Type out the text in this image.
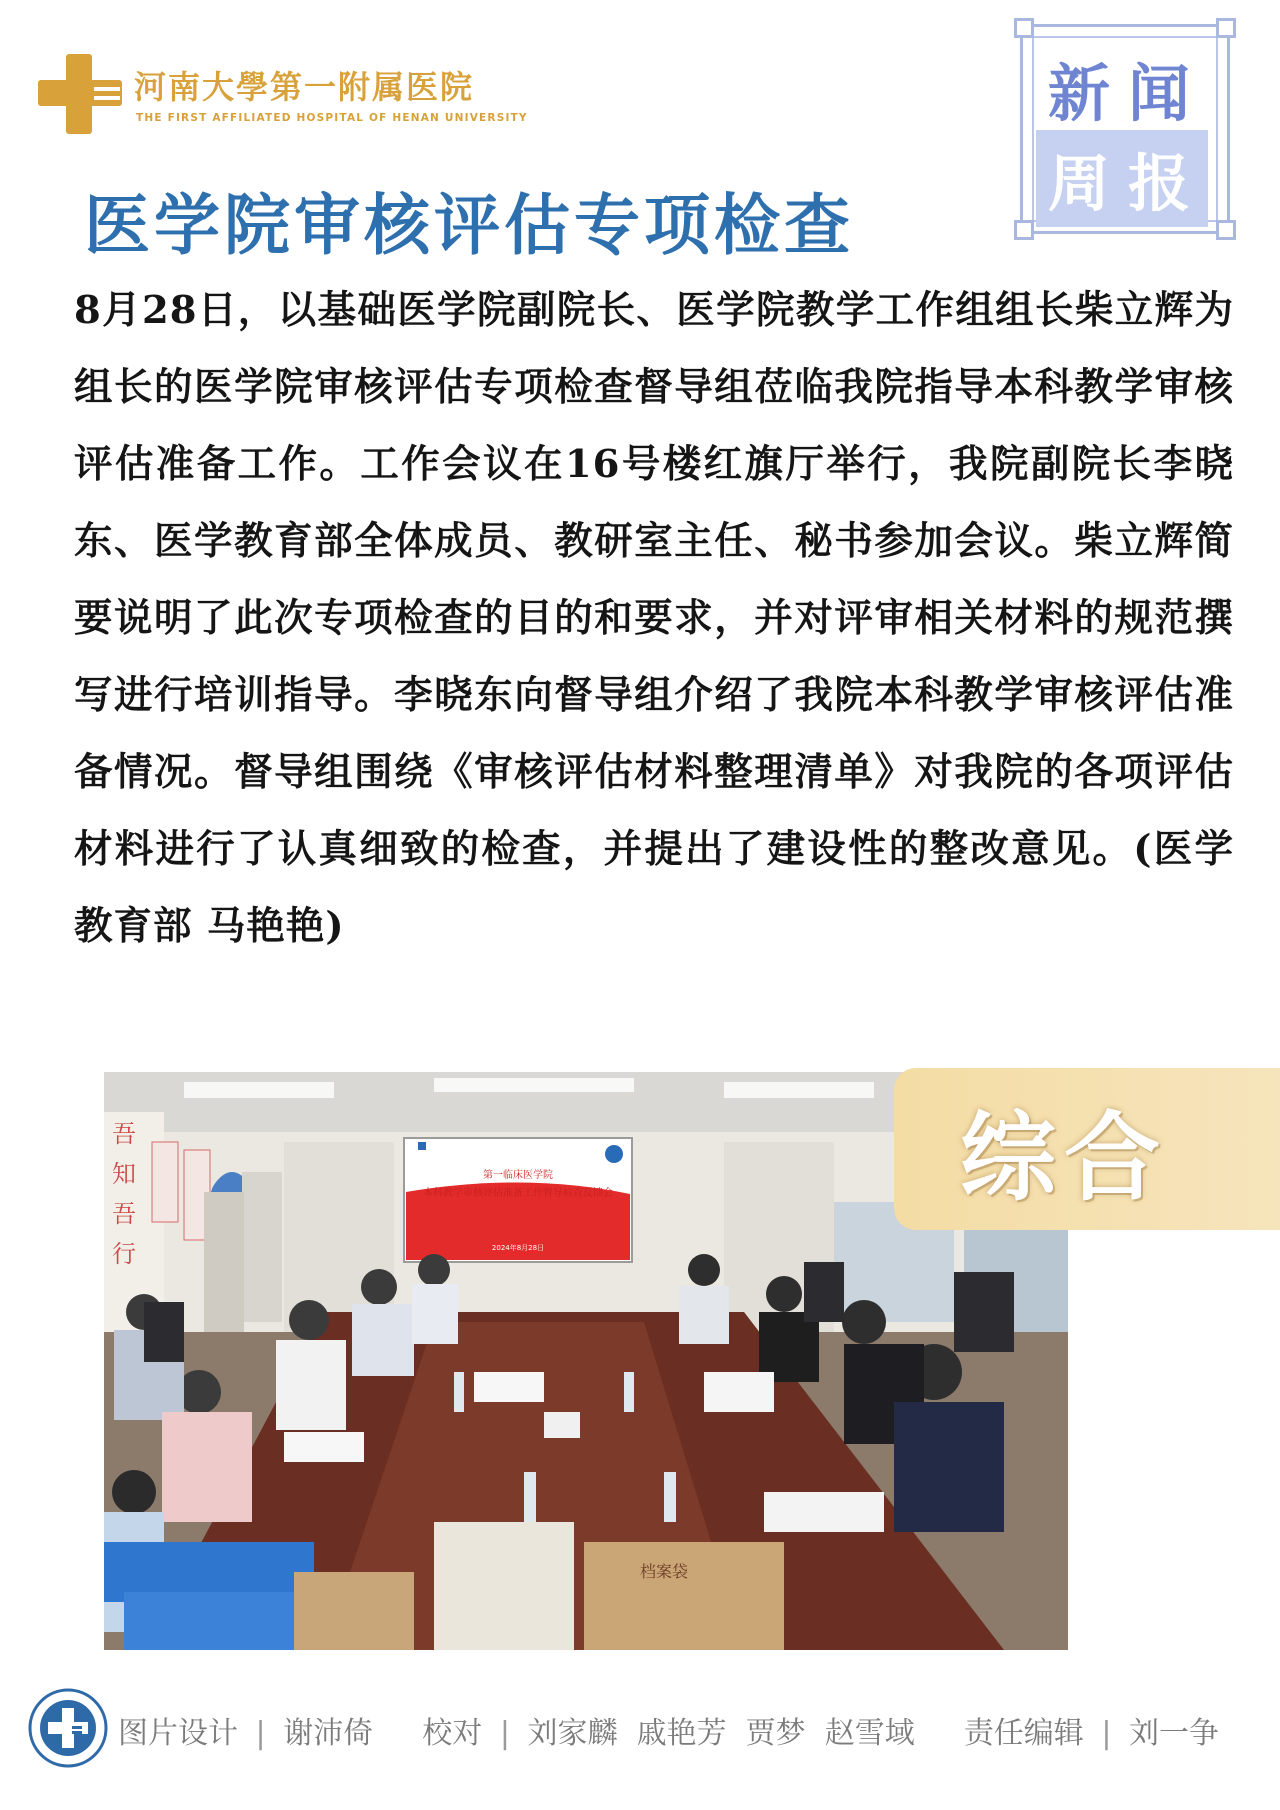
河南大學第一附属医院
THE FIRST AFFILIATED HOSPITAL OF HENAN UNIVERSITY	新闻
周报
医学院审核评估专项检查

8月28日，以基础医学院副院长、医学院教学工作组组长柴立辉为组长的医学院审核评估专项检查督导组莅临我院指导本科教学审核评估准备工作。工作会议在16号楼红旗厅举行，我院副院长李晓东、医学教育部全体成员、教研室主任、秘书参加会议。柴立辉简要说明了此次专项检查的目的和要求，并对评审相关材料的规范撰写进行培训指导。李晓东向督导组介绍了我院本科教学审核评估准备情况。督导组围绕《审核评估材料整理清单》对我院的各项评估材料进行了认真细致的检查，并提出了建设性的整改意见。(医学教育部 马艳艳)

吾
知
吾
行
第一临床医学院
本科教学审核评估准备工作督导检查反馈会
2024年8月28日
档案袋
综合
图片设计 | 谢沛倚 校对 | 刘家麟  戚艳芳  贾梦  赵雪域 责任编辑 | 刘一争
